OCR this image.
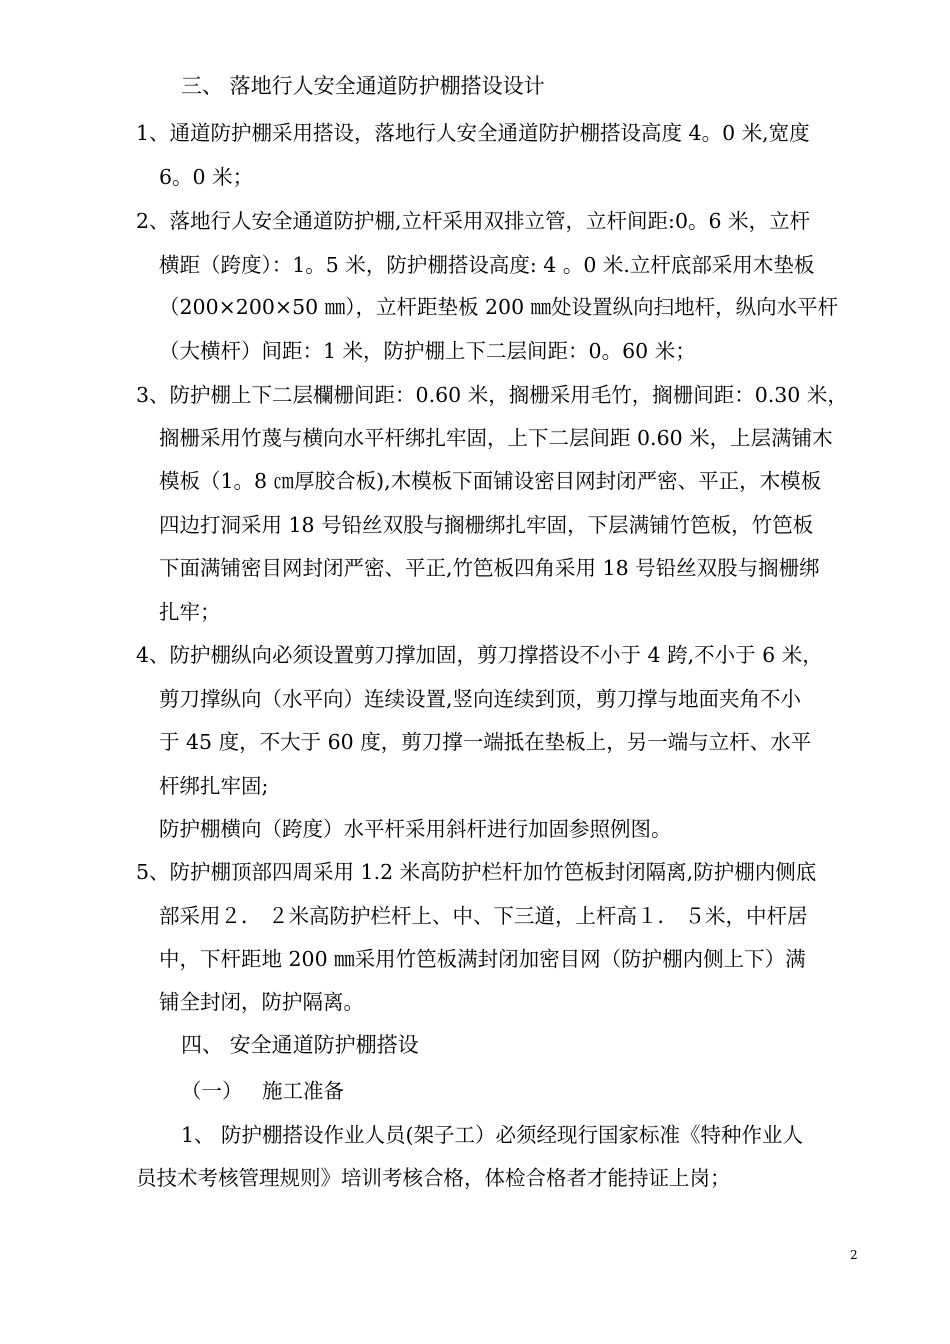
三、 落地行人安全通道防护棚搭设设计
1、通道防护棚采用搭设，落地行人安全通道防护棚搭设高度 4。0 米,宽度
6。0 米；
2、落地行人安全通道防护棚,立杆采用双排立管，立杆间距:0。6 米，立杆
横距（跨度）：1。5 米，防护棚搭设高度: 4 。0 米.立杆底部采用木垫板
（200×200×50 ㎜），立杆距垫板 200 ㎜处设置纵向扫地杆，纵向水平杆
（大横杆）间距：1 米，防护棚上下二层间距：0。60 米；
3、防护棚上下二层欄栅间距：0.60 米，搁栅采用毛竹，搁栅间距：0.30 米，
搁栅采用竹蔑与横向水平杆绑扎牢固，上下二层间距 0.60 米，上层满铺木
模板（1。8 ㎝厚胶合板),木模板下面铺设密目网封闭严密、平正，木模板
四边打洞采用 18 号铅丝双股与搁栅绑扎牢固，下层满铺竹笆板，竹笆板
下面满铺密目网封闭严密、平正,竹笆板四角采用 18 号铅丝双股与搁栅绑
扎牢；
4、防护棚纵向必须设置剪刀撑加固，剪刀撑搭设不小于 4 跨,不小于 6 米，
剪刀撑纵向（水平向）连续设置,竖向连续到顶，剪刀撑与地面夹角不小
于 45 度，不大于 60 度，剪刀撑一端抵在垫板上，另一端与立杆、水平
杆绑扎牢固;
防护棚横向（跨度）水平杆采用斜杆进行加固参照例图。
5、防护棚顶部四周采用 1.2 米高防护栏杆加竹笆板封闭隔离,防护棚内侧底
部采用２． ２米高防护栏杆上、中、下三道，上杆高１． ５米，中杆居
中，下杆距地 200 ㎜采用竹笆板满封闭加密目网（防护棚内侧上下）满
铺全封闭，防护隔离。
四、 安全通道防护棚搭设
（一）   施工准备
1、 防护棚搭设作业人员(架子工）必须经现行国家标准《特种作业人
员技术考核管理规则》培训考核合格，体检合格者才能持证上岗；
2
